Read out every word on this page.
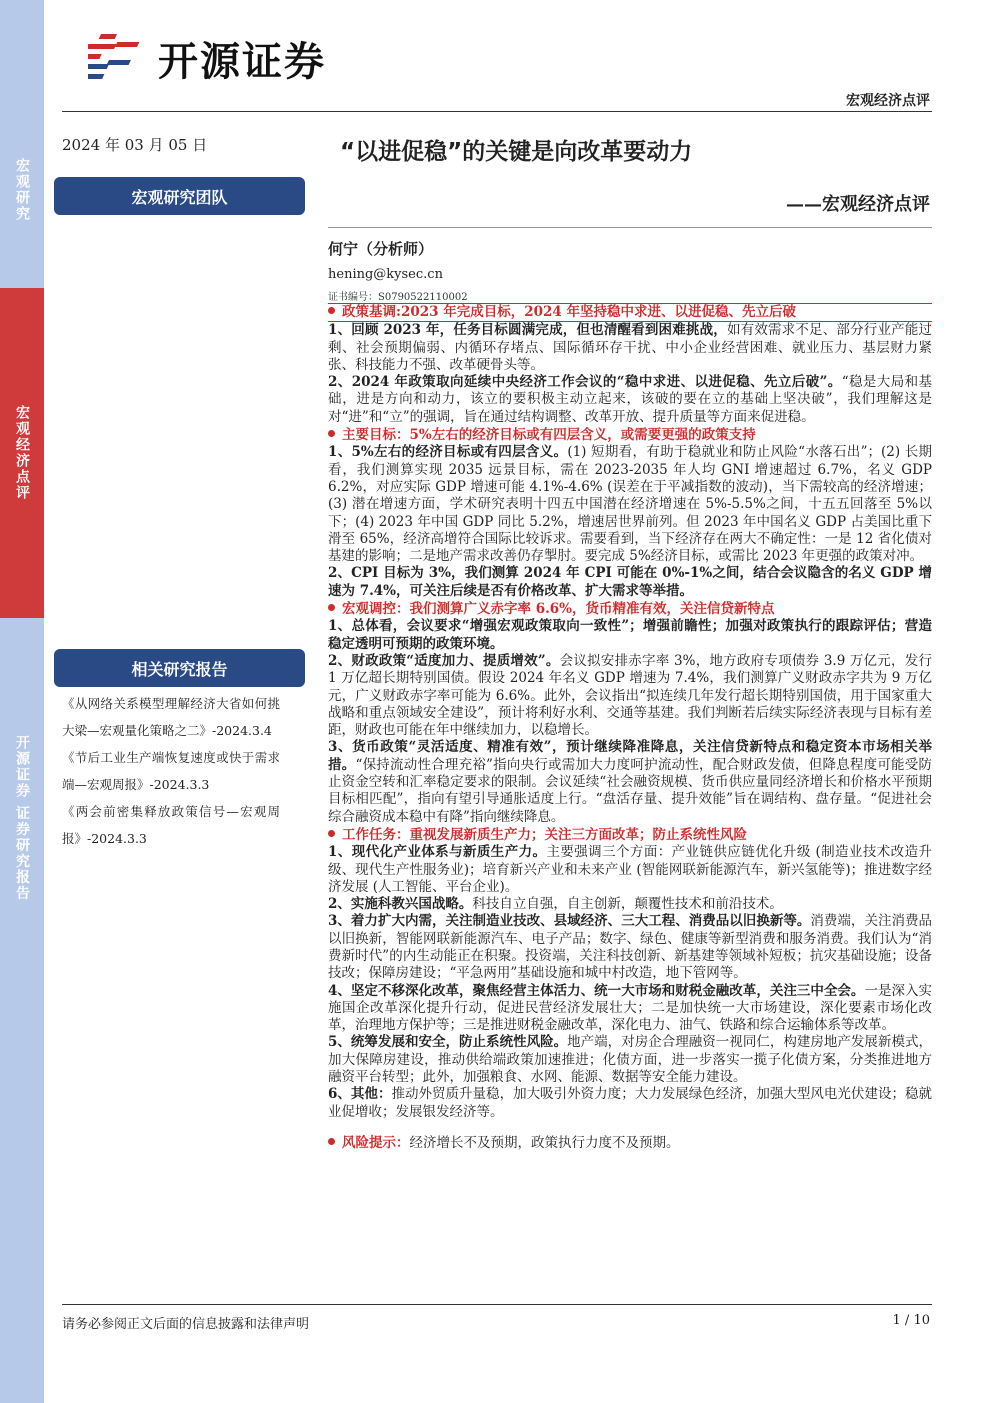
宏观研究
宏观经济点评
开源证券 证券研究报告
开源证券
宏观经济点评
2024 年 03 月 05 日	“以进促稳”的关键是向改革要动力
——宏观经济点评
宏观研究团队
何宁（分析师）
hening@kysec.cn
证书编号：S0790522110002
相关研究报告
《从网络关系模型理解经济大省如何挑大梁—宏观量化策略之二》-2024.3.4
《节后工业生产端恢复速度或快于需求端—宏观周报》-2024.3.3
《两会前密集释放政策信号—宏观周报》-2024.3.3
政策基调:2023 年完成目标，2024 年坚持稳中求进、以进促稳、先立后破
1、回顾 2023 年，任务目标圆满完成，但也清醒看到困难挑战，如有效需求不足、部分行业产能过剩、社会预期偏弱、内循环存堵点、国际循环存干扰、中小企业经营困难、就业压力、基层财力紧张、科技能力不强、改革硬骨头等。
2、2024 年政策取向延续中央经济工作会议的“稳中求进、以进促稳、先立后破”。“稳是大局和基础，进是方向和动力，该立的要积极主动立起来，该破的要在立的基础上坚决破”，我们理解这是对“进”和“立”的强调，旨在通过结构调整、改革开放、提升质量等方面来促进稳。
主要目标：5%左右的经济目标或有四层含义，或需要更强的政策支持
1、5%左右的经济目标或有四层含义。(1) 短期看，有助于稳就业和防止风险“水落石出”；(2) 长期看，我们测算实现 2035 远景目标，需在 2023-2035 年人均 GNI 增速超过 6.7%，名义 GDP 6.2%，对应实际 GDP 增速可能 4.1%-4.6% (误差在于平减指数的波动)，当下需较高的经济增速；(3) 潜在增速方面，学术研究表明十四五中国潜在经济增速在 5%-5.5%之间，十五五回落至 5%以下；(4) 2023 年中国 GDP 同比 5.2%，增速居世界前列。但 2023 年中国名义 GDP 占美国比重下滑至 65%，经济高增符合国际比较诉求。需要看到，当下经济存在两大不确定性：一是 12 省化债对基建的影响；二是地产需求改善仍存掣肘。要完成 5%经济目标，或需比 2023 年更强的政策对冲。
2、CPI 目标为 3%，我们测算 2024 年 CPI 可能在 0%-1%之间，结合会议隐含的名义 GDP 增速为 7.4%，可关注后续是否有价格改革、扩大需求等举措。
宏观调控：我们测算广义赤字率 6.6%，货币精准有效，关注信贷新特点
1、总体看，会议要求“增强宏观政策取向一致性”；增强前瞻性；加强对政策执行的跟踪评估；营造稳定透明可预期的政策环境。
2、财政政策“适度加力、提质增效”。会议拟安排赤字率 3%，地方政府专项债券 3.9 万亿元，发行 1 万亿超长期特别国债。假设 2024 年名义 GDP 增速为 7.4%，我们测算广义财政赤字共为 9 万亿元，广义财政赤字率可能为 6.6%。此外，会议指出“拟连续几年发行超长期特别国债，用于国家重大战略和重点领域安全建设”，预计将利好水利、交通等基建。我们判断若后续实际经济表现与目标有差距，财政也可能在年中继续加力，以稳增长。
3、货币政策“灵活适度、精准有效”，预计继续降准降息，关注信贷新特点和稳定资本市场相关举措。“保持流动性合理充裕”指向央行或需加大力度呵护流动性，配合财政发债，但降息程度可能受防止资金空转和汇率稳定要求的限制。会议延续“社会融资规模、货币供应量同经济增长和价格水平预期目标相匹配”，指向有望引导通胀适度上行。“盘活存量、提升效能”旨在调结构、盘存量。“促进社会综合融资成本稳中有降”指向继续降息。
工作任务：重视发展新质生产力；关注三方面改革；防止系统性风险
1、现代化产业体系与新质生产力。主要强调三个方面：产业链供应链优化升级 (制造业技术改造升级、现代生产性服务业)；培育新兴产业和未来产业 (智能网联新能源汽车，新兴氢能等)；推进数字经济发展 (人工智能、平台企业)。
2、实施科教兴国战略。科技自立自强，自主创新，颠覆性技术和前沿技术。
3、着力扩大内需，关注制造业技改、县域经济、三大工程、消费品以旧换新等。消费端，关注消费品以旧换新，智能网联新能源汽车、电子产品；数字、绿色、健康等新型消费和服务消费。我们认为“消费新时代”的内生动能正在积聚。投资端，关注科技创新、新基建等领域补短板；抗灾基础设施；设备技改；保障房建设；“平急两用”基础设施和城中村改造，地下管网等。
4、坚定不移深化改革，聚焦经营主体活力、统一大市场和财税金融改革，关注三中全会。一是深入实施国企改革深化提升行动，促进民营经济发展壮大；二是加快统一大市场建设，深化要素市场化改革，治理地方保护等；三是推进财税金融改革，深化电力、油气、铁路和综合运输体系等改革。
5、统筹发展和安全，防止系统性风险。地产端，对房企合理融资一视同仁，构建房地产发展新模式，加大保障房建设，推动供给端政策加速推进；化债方面，进一步落实一揽子化债方案，分类推进地方融资平台转型；此外，加强粮食、水网、能源、数据等安全能力建设。
6、其他：推动外贸质升量稳，加大吸引外资力度；大力发展绿色经济，加强大型风电光伏建设；稳就业促增收；发展银发经济等。
风险提示：经济增长不及预期，政策执行力度不及预期。
请务必参阅正文后面的信息披露和法律声明	1 / 10
